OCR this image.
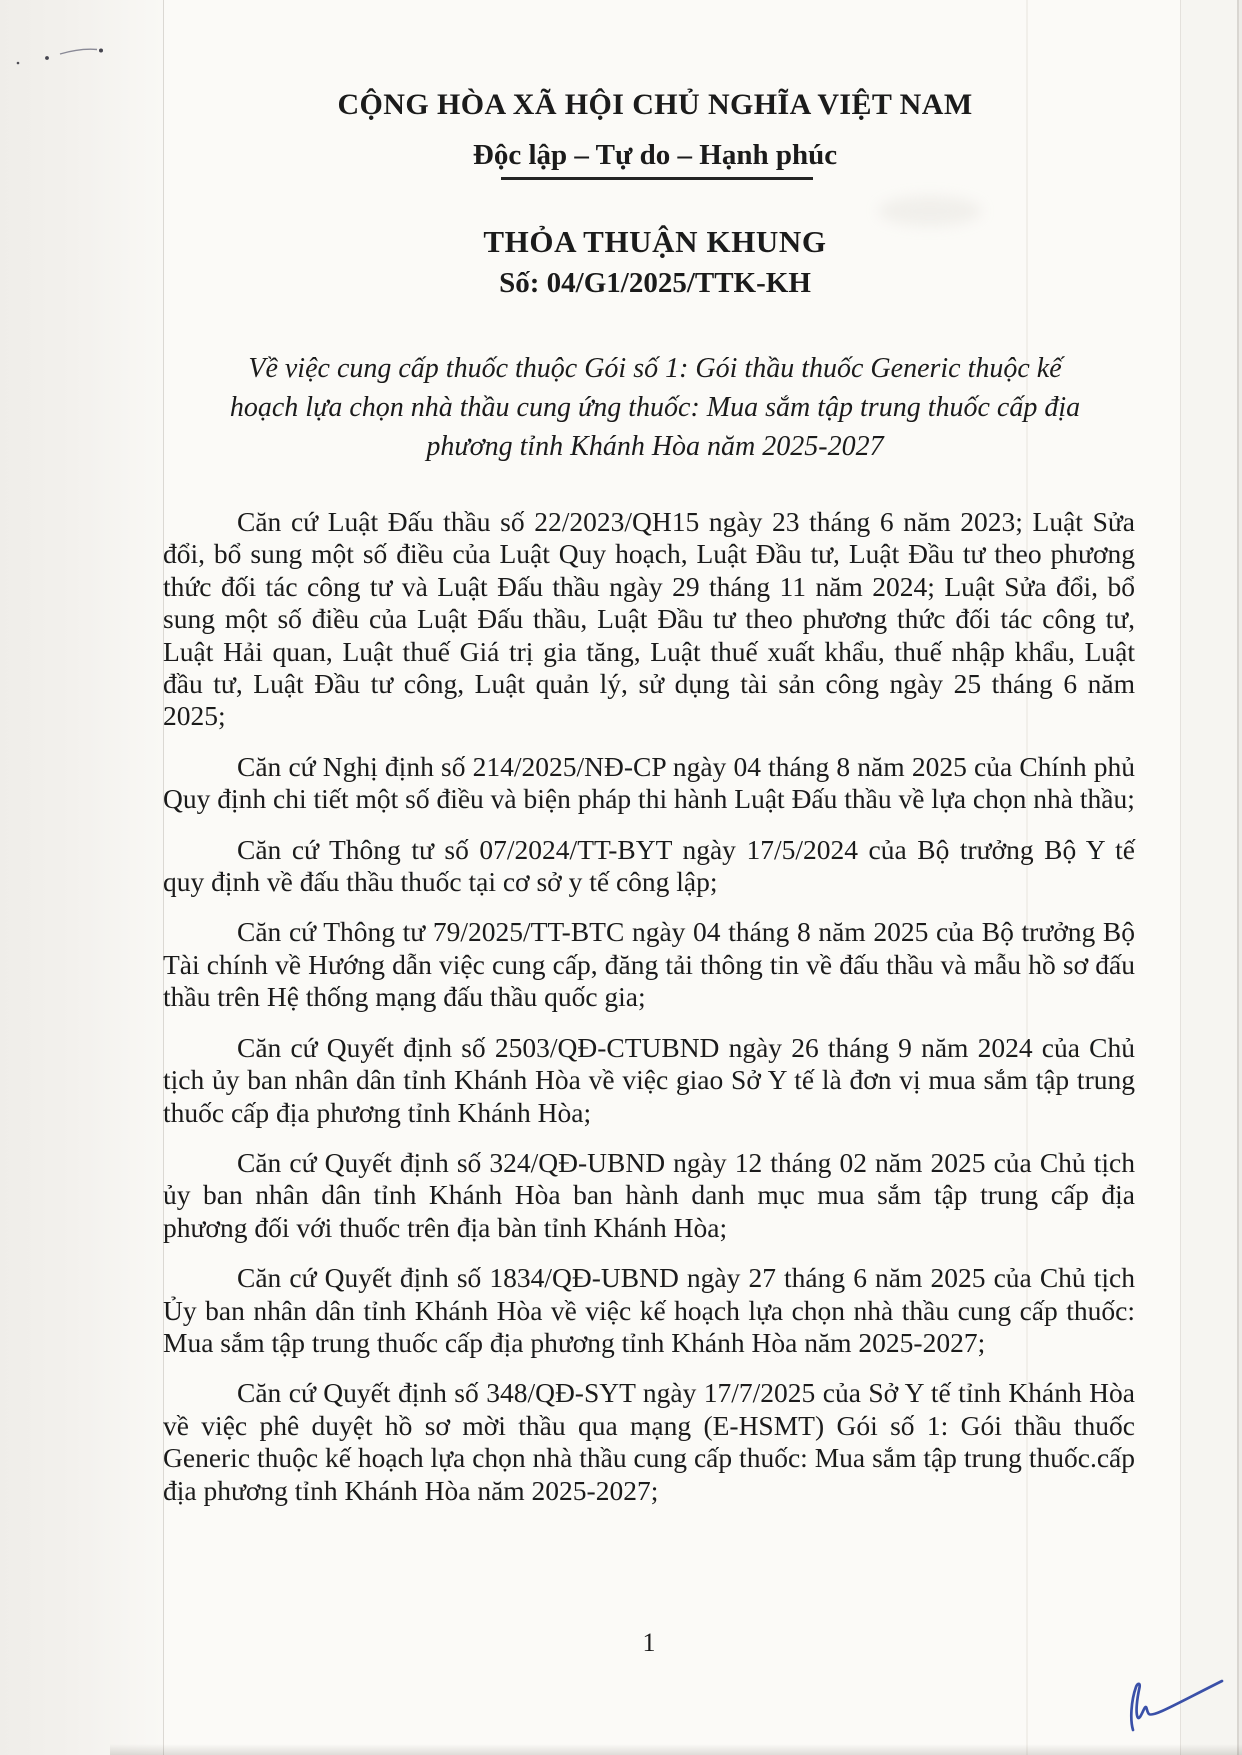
CỘNG HÒA XÃ HỘI CHỦ NGHĨA VIỆT NAM
Độc lập – Tự do – Hạnh phúc
THỎA THUẬN KHUNG
Số: 04/G1/2025/TTK-KH
Về việc cung cấp thuốc thuộc Gói số 1: Gói thầu thuốc Generic thuộc kế hoạch lựa chọn nhà thầu cung ứng thuốc: Mua sắm tập trung thuốc cấp địa phương tỉnh Khánh Hòa năm 2025-2027

Căn cứ Luật Đấu thầu số 22/2023/QH15 ngày 23 tháng 6 năm 2023; Luật Sửa đổi, bổ sung một số điều của Luật Quy hoạch, Luật Đầu tư, Luật Đầu tư theo phương thức đối tác công tư và Luật Đấu thầu ngày 29 tháng 11 năm 2024; Luật Sửa đổi, bổ sung một số điều của Luật Đấu thầu, Luật Đầu tư theo phương thức đối tác công tư, Luật Hải quan, Luật thuế Giá trị gia tăng, Luật thuế xuất khẩu, thuế nhập khẩu, Luật đầu tư, Luật Đầu tư công, Luật quản lý, sử dụng tài sản công ngày 25 tháng 6 năm 2025;

Căn cứ Nghị định số 214/2025/NĐ-CP ngày 04 tháng 8 năm 2025 của Chính phủ Quy định chi tiết một số điều và biện pháp thi hành Luật Đấu thầu về lựa chọn nhà thầu;

Căn cứ Thông tư số 07/2024/TT-BYT ngày 17/5/2024 của Bộ trưởng Bộ Y tế quy định về đấu thầu thuốc tại cơ sở y tế công lập;

Căn cứ Thông tư 79/2025/TT-BTC ngày 04 tháng 8 năm 2025 của Bộ trưởng Bộ Tài chính về Hướng dẫn việc cung cấp, đăng tải thông tin về đấu thầu và mẫu hồ sơ đấu thầu trên Hệ thống mạng đấu thầu quốc gia;

Căn cứ Quyết định số 2503/QĐ-CTUBND ngày 26 tháng 9 năm 2024 của Chủ tịch ủy ban nhân dân tỉnh Khánh Hòa về việc giao Sở Y tế là đơn vị mua sắm tập trung thuốc cấp địa phương tỉnh Khánh Hòa;

Căn cứ Quyết định số 324/QĐ-UBND ngày 12 tháng 02 năm 2025 của Chủ tịch ủy ban nhân dân tỉnh Khánh Hòa ban hành danh mục mua sắm tập trung cấp địa phương đối với thuốc trên địa bàn tỉnh Khánh Hòa;

Căn cứ Quyết định số 1834/QĐ-UBND ngày 27 tháng 6 năm 2025 của Chủ tịch Ủy ban nhân dân tỉnh Khánh Hòa về việc kế hoạch lựa chọn nhà thầu cung cấp thuốc: Mua sắm tập trung thuốc cấp địa phương tỉnh Khánh Hòa năm 2025-2027;

Căn cứ Quyết định số 348/QĐ-SYT ngày 17/7/2025 của Sở Y tế tỉnh Khánh Hòa về việc phê duyệt hồ sơ mời thầu qua mạng (E-HSMT) Gói số 1: Gói thầu thuốc Generic thuộc kế hoạch lựa chọn nhà thầu cung cấp thuốc: Mua sắm tập trung thuốc.cấp địa phương tỉnh Khánh Hòa năm 2025-2027;

1
